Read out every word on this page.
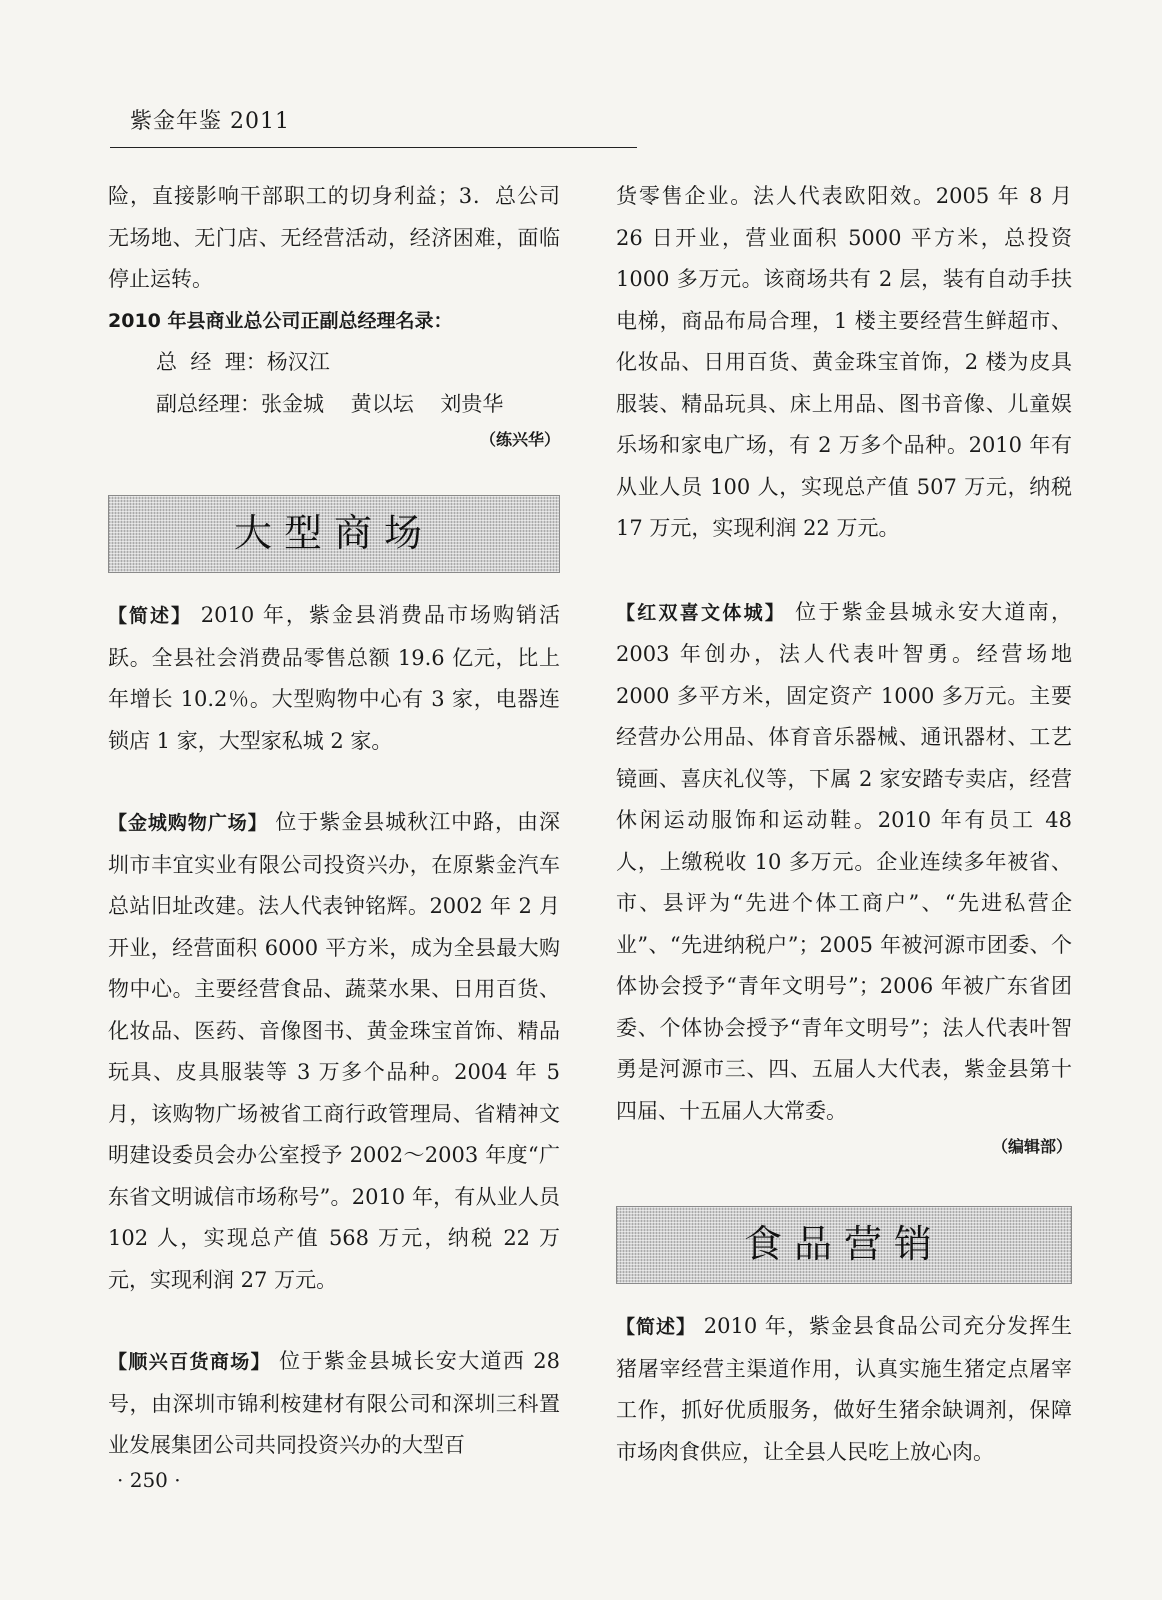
紫金年鉴 2011

险，直接影响干部职工的切身利益；3．总公司无场地、无门店、无经营活动，经济困难，面临停止运转。

2010 年县商业总公司正副总经理名录：

总  经  理：杨汉江

副总经理：张金城    黄以坛    刘贵华

（练兴华）

大型商场

【简述】 2010 年，紫金县消费品市场购销活跃。全县社会消费品零售总额 19.6 亿元，比上年增长 10.2％。大型购物中心有 3 家，电器连锁店 1 家，大型家私城 2 家。

【金城购物广场】 位于紫金县城秋江中路，由深圳市丰宜实业有限公司投资兴办，在原紫金汽车总站旧址改建。法人代表钟铭辉。2002 年 2 月开业，经营面积 6000 平方米，成为全县最大购物中心。主要经营食品、蔬菜水果、日用百货、化妆品、医药、音像图书、黄金珠宝首饰、精品玩具、皮具服装等 3 万多个品种。2004 年 5 月，该购物广场被省工商行政管理局、省精神文明建设委员会办公室授予 2002～2003 年度“广东省文明诚信市场称号”。2010 年，有从业人员 102 人，实现总产值 568 万元，纳税 22 万元，实现利润 27 万元。

【顺兴百货商场】 位于紫金县城长安大道西 28 号，由深圳市锦利桉建材有限公司和深圳三科置业发展集团公司共同投资兴办的大型百

货零售企业。法人代表欧阳效。2005 年 8 月 26 日开业，营业面积 5000 平方米，总投资 1000 多万元。该商场共有 2 层，装有自动手扶电梯，商品布局合理，1 楼主要经营生鲜超市、化妆品、日用百货、黄金珠宝首饰，2 楼为皮具服装、精品玩具、床上用品、图书音像、儿童娱乐场和家电广场，有 2 万多个品种。2010 年有从业人员 100 人，实现总产值 507 万元，纳税 17 万元，实现利润 22 万元。

【红双喜文体城】 位于紫金县城永安大道南，2003 年创办，法人代表叶智勇。经营场地 2000 多平方米，固定资产 1000 多万元。主要经营办公用品、体育音乐器械、通讯器材、工艺镜画、喜庆礼仪等，下属 2 家安踏专卖店，经营休闲运动服饰和运动鞋。2010 年有员工 48 人，上缴税收 10 多万元。企业连续多年被省、市、县评为“先进个体工商户”、“先进私营企业”、“先进纳税户”；2005 年被河源市团委、个体协会授予“青年文明号”；2006 年被广东省团委、个体协会授予“青年文明号”；法人代表叶智勇是河源市三、四、五届人大代表，紫金县第十四届、十五届人大常委。

（编辑部）

食品营销

【简述】 2010 年，紫金县食品公司充分发挥生猪屠宰经营主渠道作用，认真实施生猪定点屠宰工作，抓好优质服务，做好生猪余缺调剂，保障市场肉食供应，让全县人民吃上放心肉。

· 250 ·
